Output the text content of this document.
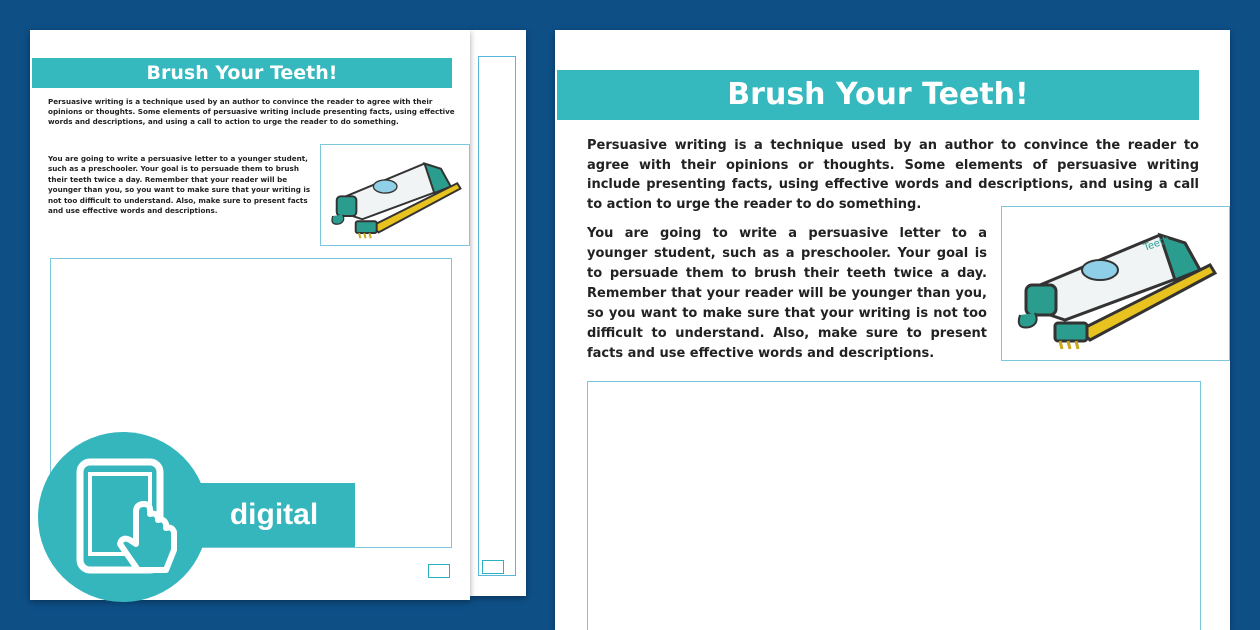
Brush Your Teeth!

Persuasive writing is a technique used by an author to convince the reader to agree with their opinions or thoughts. Some elements of persuasive writing include presenting facts, using effective words and descriptions, and using a call to action to urge the reader to do something.

You are going to write a persuasive letter to a younger student, such as a preschooler. Your goal is to persuade them to brush their teeth twice a day. Remember that your reader will be younger than you, so you want to make sure that your writing is not too difficult to understand. Also, make sure to present facts and use effective words and descriptions.

digital
Brush Your Teeth!

Persuasive writing is a technique used by an author to convince the reader to agree with their opinions or thoughts. Some elements of persuasive writing include presenting facts, using effective words and descriptions, and using a call to action to urge the reader to do something.

You are going to write a persuasive letter to a younger student, such as a preschooler. Your goal is to persuade them to brush their teeth twice a day. Remember that your reader will be younger than you, so you want to make sure that your writing is not too difficult to understand. Also, make sure to present facts and use effective words and descriptions.

Teeth
